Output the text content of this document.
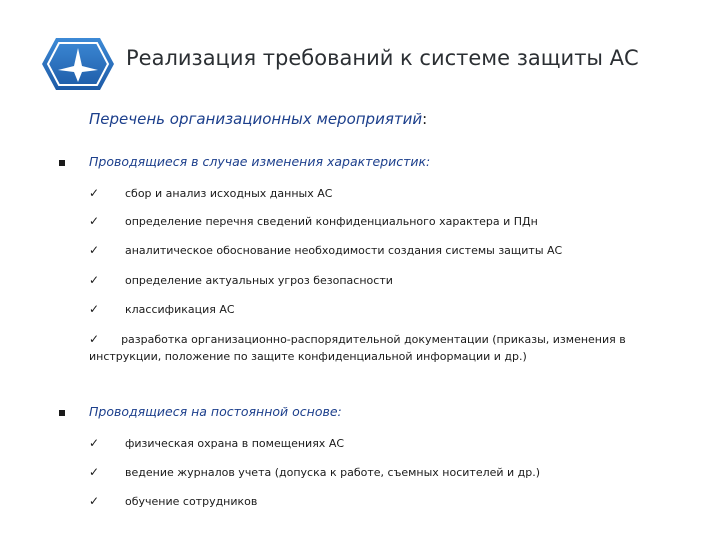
Реализация требований к системе защиты АС
Перечень организационных мероприятий:
Проводящиеся в случае изменения характеристик:
✓ сбор и анализ исходных данных АС
✓ определение перечня сведений конфиденциального характера и ПДн
✓ аналитическое обоснование необходимости создания системы защиты АС
✓ определение актуальных угроз безопасности
✓ классификация АС
✓ разработка организационно-распорядительной документации (приказы, изменения в инструкции, положение по защите конфиденциальной информации и др.)
Проводящиеся на постоянной основе:
✓ физическая охрана в помещениях АС
✓ ведение журналов учета (допуска к работе, съемных носителей и др.)
✓ обучение сотрудников
